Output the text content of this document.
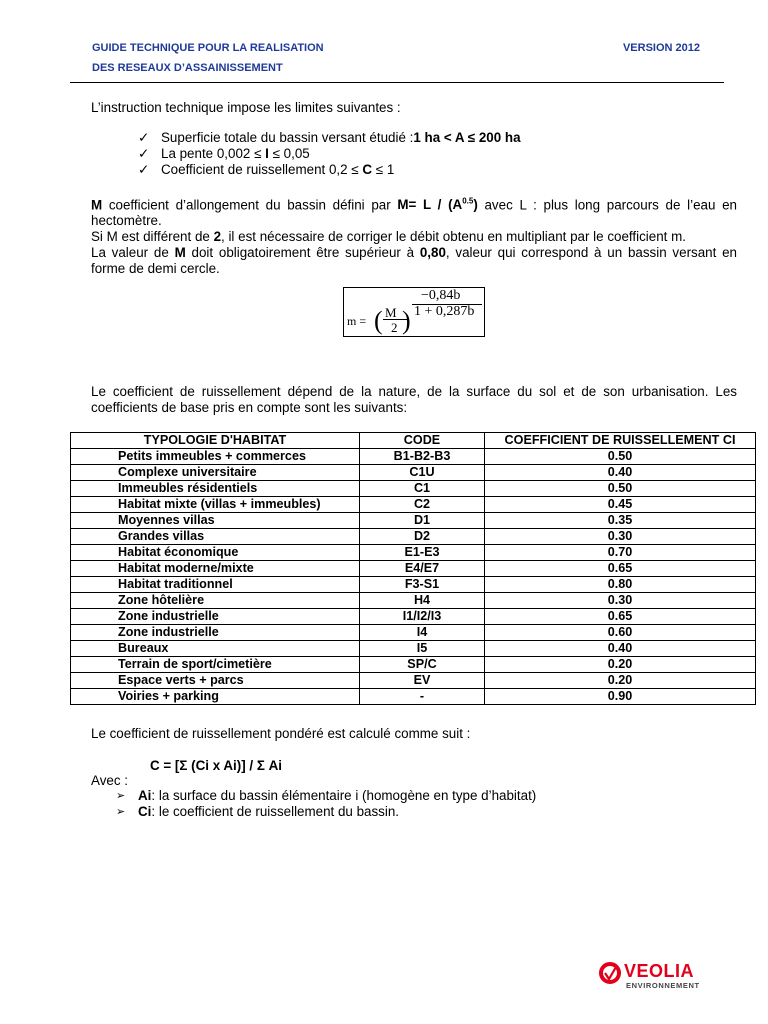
GUIDE TECHNIQUE POUR LA REALISATION
DES RESEAUX D’ASSAINISSEMENT
VERSION 2012
L’instruction technique impose les limites suivantes :
✓ Superficie totale du bassin versant étudié :1 ha < A ≤ 200 ha
✓ La pente 0,002 ≤ I ≤ 0,05
✓ Coefficient de ruissellement 0,2 ≤ C ≤ 1
M coefficient d’allongement du bassin défini par $M= L / (A^{0.5})$ avec L : plus long parcours de l’eau en hectomètre.
Si M est différent de 2, il est nécessaire de corriger le débit obtenu en multipliant par le coefficient m.
La valeur de M doit obligatoirement être supérieur à 0,80, valeur qui correspond à un bassin versant en forme de demi cercle.
m = ( M
2 )
−0,84b
1 + 0,287b
Le coefficient de ruissellement dépend de la nature, de la surface du sol et de son urbanisation. Les coefficients de base pris en compte sont les suivants:
TYPOLOGIE D'HABITAT	CODE	COEFFICIENT DE RUISSELLEMENT CI
Petits immeubles + commerces	B1-B2-B3	0.50
Complexe universitaire	C1U	0.40
Immeubles résidentiels	C1	0.50
Habitat mixte (villas + immeubles)	C2	0.45
Moyennes villas	D1	0.35
Grandes villas	D2	0.30
Habitat économique	E1-E3	0.70
Habitat moderne/mixte	E4/E7	0.65
Habitat traditionnel	F3-S1	0.80
Zone hôtelière	H4	0.30
Zone industrielle	I1/I2/I3	0.65
Zone industrielle	I4	0.60
Bureaux	I5	0.40
Terrain de sport/cimetière	SP/C	0.20
Espace verts + parcs	EV	0.20
Voiries + parking	-	0.90
Le coefficient de ruissellement pondéré est calculé comme suit :
C = [Σ (Ci x Ai)] / Σ Ai
Avec :
➢ Ai: la surface du bassin élémentaire i (homogène en type d’habitat)
➢ Ci: le coefficient de ruissellement du bassin.
VEOLIA
ENVIRONNEMENT
